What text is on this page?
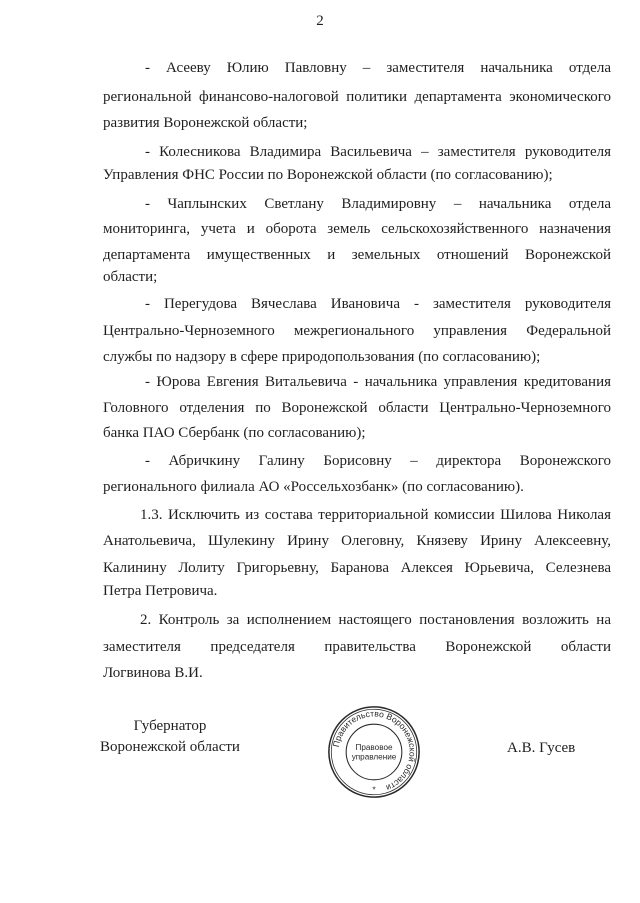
2
- Асееву Юлию Павловну – заместителя начальника отдела
региональной финансово-налоговой политики департамента экономического
развития Воронежской области;
- Колесникова Владимира Васильевича – заместителя руководителя
Управления ФНС России по Воронежской области (по согласованию);
- Чаплынских Светлану Владимировну – начальника отдела
мониторинга, учета и оборота земель сельскохозяйственного назначения
департамента имущественных и земельных отношений Воронежской
области;
- Перегудова Вячеслава Ивановича - заместителя руководителя
Центрально-Черноземного межрегионального управления Федеральной
службы по надзору в сфере природопользования (по согласованию);
- Юрова Евгения Витальевича - начальника управления кредитования
Головного отделения по Воронежской области Центрально-Черноземного
банка ПАО Сбербанк (по согласованию);
- Абричкину Галину Борисовну – директора Воронежского
регионального филиала АО «Россельхозбанк» (по согласованию).
1.3. Исключить из состава территориальной комиссии Шилова Николая
Анатольевича, Шулекину Ирину Олеговну, Князеву Ирину Алексеевну,
Калинину Лолиту Григорьевну, Баранова Алексея Юрьевича, Селезнева
Петра Петровича.
2. Контроль за исполнением настоящего постановления возложить на
заместителя председателя правительства Воронежской области
Логвинова В.И.
Губернатор
Воронежской области	Правительство Воронежской области
Правовое
управление
*
А.В. Гусев
